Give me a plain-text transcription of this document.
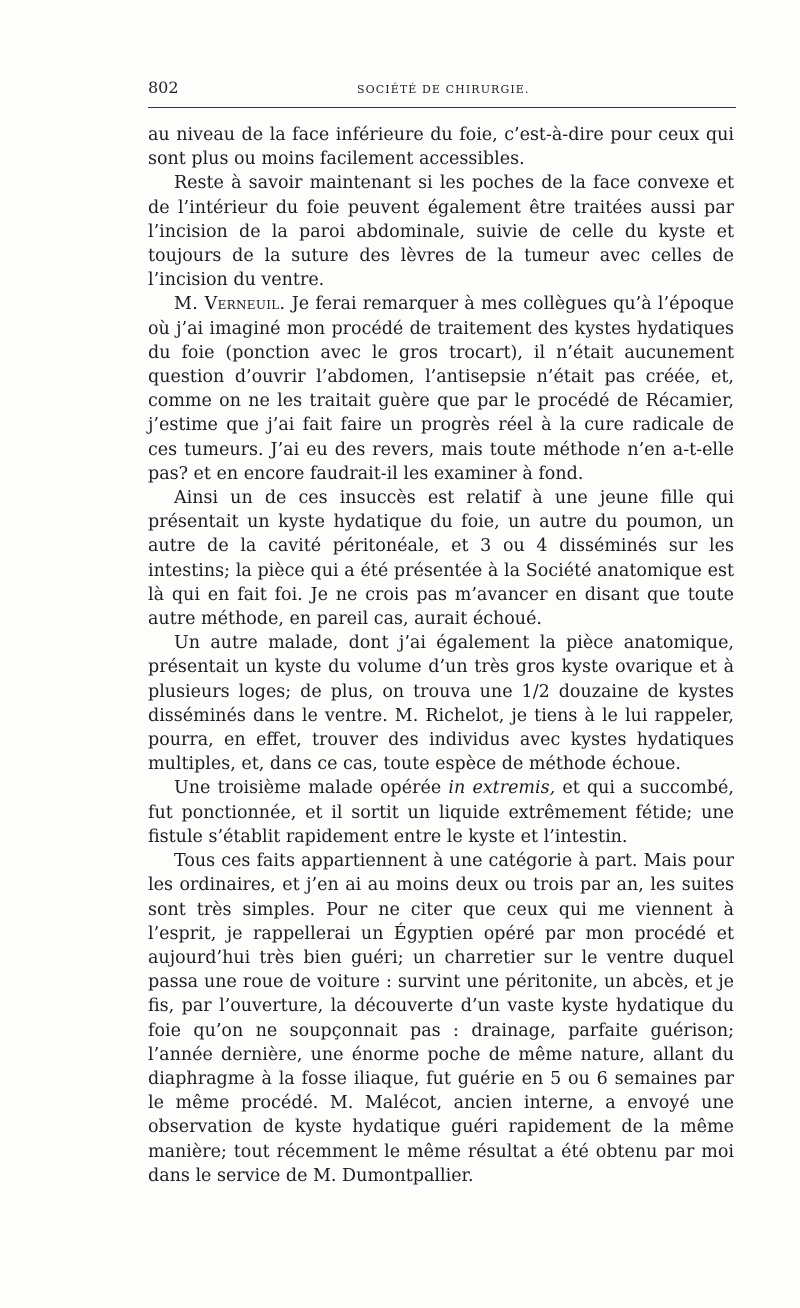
802	SOCIÉTÉ DE CHIRURGIE.

au niveau de la face inférieure du foie, c’est-à-dire pour ceux qui sont plus ou moins facilement accessibles.

Reste à savoir maintenant si les poches de la face convexe et de l’intérieur du foie peuvent également être traitées aussi par l’incision de la paroi abdominale, suivie de celle du kyste et toujours de la suture des lèvres de la tumeur avec celles de l’incision du ventre.

M. Verneuil. Je ferai remarquer à mes collègues qu’à l’époque où j’ai imaginé mon procédé de traitement des kystes hydatiques du foie (ponction avec le gros trocart), il n’était aucunement question d’ouvrir l’abdomen, l’antisepsie n’était pas créée, et, comme on ne les traitait guère que par le procédé de Récamier, j’estime que j’ai fait faire un progrès réel à la cure radicale de ces tumeurs. J’ai eu des revers, mais toute méthode n’en a-t-elle pas? et en encore faudrait-il les examiner à fond.

Ainsi un de ces insuccès est relatif à une jeune fille qui présentait un kyste hydatique du foie, un autre du poumon, un autre de la cavité péritonéale, et 3 ou 4 disséminés sur les intestins; la pièce qui a été présentée à la Société anatomique est là qui en fait foi. Je ne crois pas m’avancer en disant que toute autre méthode, en pareil cas, aurait échoué.

Un autre malade, dont j’ai également la pièce anatomique, présentait un kyste du volume d’un très gros kyste ovarique et à plusieurs loges; de plus, on trouva une 1/2 douzaine de kystes disséminés dans le ventre. M. Richelot, je tiens à le lui rappeler, pourra, en effet, trouver des individus avec kystes hydatiques multiples, et, dans ce cas, toute espèce de méthode échoue.

Une troisième malade opérée in extremis, et qui a succombé, fut ponctionnée, et il sortit un liquide extrêmement fétide; une fistule s’établit rapidement entre le kyste et l’intestin.

Tous ces faits appartiennent à une catégorie à part. Mais pour les ordinaires, et j’en ai au moins deux ou trois par an, les suites sont très simples. Pour ne citer que ceux qui me viennent à l’esprit, je rappellerai un Égyptien opéré par mon procédé et aujourd’hui très bien guéri; un charretier sur le ventre duquel passa une roue de voiture : survint une péritonite, un abcès, et je fis, par l’ouverture, la découverte d’un vaste kyste hydatique du foie qu’on ne soupçonnait pas : drainage, parfaite guérison; l’année dernière, une énorme poche de même nature, allant du diaphragme à la fosse iliaque, fut guérie en 5 ou 6 semaines par le même procédé. M. Malécot, ancien interne, a envoyé une observation de kyste hydatique guéri rapidement de la même manière; tout récemment le même résultat a été obtenu par moi dans le service de M. Dumontpallier.
